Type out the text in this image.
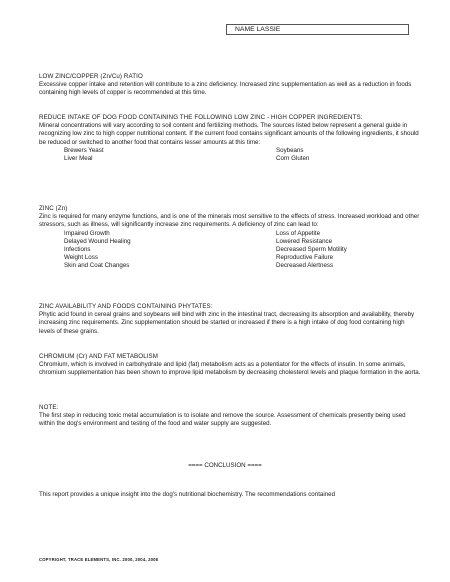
NAME LASSIE
LOW ZINC/COPPER (Zn/Cu) RATIO

Excessive copper intake and retention will contribute to a zinc deficiency. Increased zinc supplementation as well as a reduction in foods containing high levels of copper is recommended at this time.

REDUCE INTAKE OF DOG FOOD CONTAINING THE FOLLOWING LOW ZINC - HIGH COPPER INGREDIENTS:

Mineral concentrations will vary according to soil content and fertilizing methods. The sources listed below represent a general guide in recognizing low zinc to high copper nutritional content. If the current food contains significant amounts of the following ingredients, it should be reduced or switched to another food that contains lesser amounts at this time:

Brewers Yeast	Soybeans
Liver Meal	Corn Gluten
ZINC (Zn)

Zinc is required for many enzyme functions, and is one of the minerals most sensitive to the effects of stress. Increased workload and other stressors, such as illness, will significantly increase zinc requirements. A deficiency of zinc can lead to:

Impaired Growth	Loss of Appetite
Delayed Wound Healing	Lowered Resistance
Infections	Decreased Sperm Motility
Weight Loss	Reproductive Failure
Skin and Coat Changes	Decreased Alertness
ZINC AVAILABILITY AND FOODS CONTAINING PHYTATES:

Phytic acid found in cereal grains and soybeans will bind with zinc in the intestinal tract, decreasing its absorption and availability, thereby increasing zinc requirements. Zinc supplementation should be started or increased if there is a high intake of dog food containing high levels of these grains.

CHROMIUM (Cr) AND FAT METABOLISM

Chromium, which is involved in carbohydrate and lipid (fat) metabolism acts as a potentiator for the effects of insulin. In some animals, chromium supplementation has been shown to improve lipid metabolism by decreasing cholesterol levels and plaque formation in the aorta.

NOTE:

The first step in reducing toxic metal accumulation is to isolate and remove the source. Assessment of chemicals presently being used within the dog's environment and testing of the food and water supply are suggested.

==== CONCLUSION ====

This report provides a unique insight into the dog's nutritional biochemistry. The recommendations contained

COPYRIGHT, TRACE ELEMENTS, INC. 2000, 2004, 2008
